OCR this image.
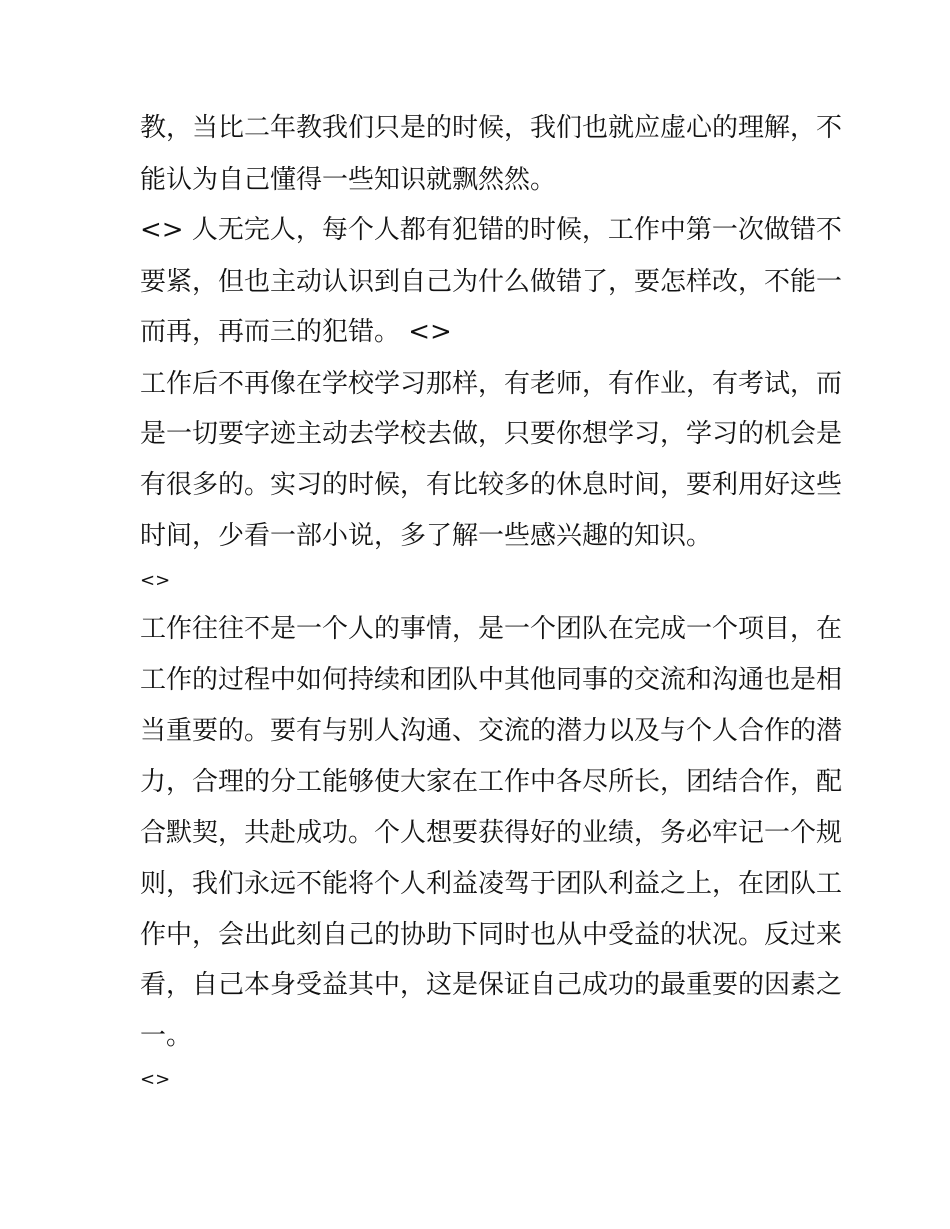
教，当比二年教我们只是的时候，我们也就应虚心的理解，不
能认为自己懂得一些知识就飘然然。
<> 人无完人，每个人都有犯错的时候，工作中第一次做错不
要紧，但也主动认识到自己为什么做错了，要怎样改，不能一
而再，再而三的犯错。 <>
工作后不再像在学校学习那样，有老师，有作业，有考试，而
是一切要字迹主动去学校去做，只要你想学习，学习的机会是
有很多的。实习的时候，有比较多的休息时间，要利用好这些
时间，少看一部小说，多了解一些感兴趣的知识。
<>
工作往往不是一个人的事情，是一个团队在完成一个项目，在
工作的过程中如何持续和团队中其他同事的交流和沟通也是相
当重要的。要有与别人沟通、交流的潜力以及与个人合作的潜
力，合理的分工能够使大家在工作中各尽所长，团结合作，配
合默契，共赴成功。个人想要获得好的业绩，务必牢记一个规
则，我们永远不能将个人利益凌驾于团队利益之上，在团队工
作中，会出此刻自己的协助下同时也从中受益的状况。反过来
看，自己本身受益其中，这是保证自己成功的最重要的因素之
一。
<>
